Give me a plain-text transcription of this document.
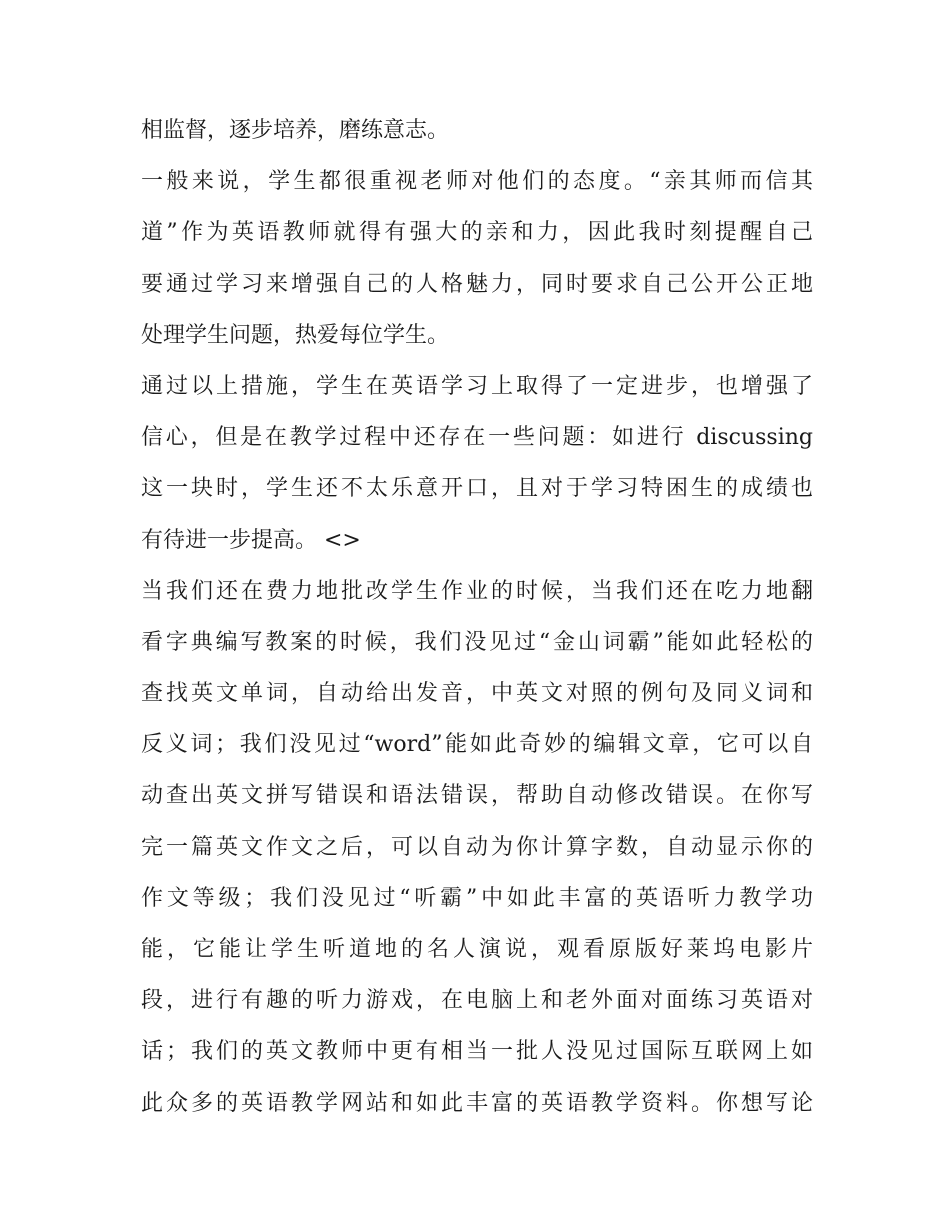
相监督，逐步培养，磨练意志。
一般来说，学生都很重视老师对他们的态度。“亲其师而信其
道”作为英语教师就得有强大的亲和力，因此我时刻提醒自己
要通过学习来增强自己的人格魅力，同时要求自己公开公正地
处理学生问题，热爱每位学生。
通过以上措施，学生在英语学习上取得了一定进步，也增强了
信心，但是在教学过程中还存在一些问题：如进行 discussing
这一块时，学生还不太乐意开口，且对于学习特困生的成绩也
有待进一步提高。 <>
当我们还在费力地批改学生作业的时候，当我们还在吃力地翻
看字典编写教案的时候，我们没见过“金山词霸”能如此轻松的
查找英文单词，自动给出发音，中英文对照的例句及同义词和
反义词；我们没见过“word”能如此奇妙的编辑文章，它可以自
动查出英文拼写错误和语法错误，帮助自动修改错误。在你写
完一篇英文作文之后，可以自动为你计算字数，自动显示你的
作文等级；我们没见过“听霸”中如此丰富的英语听力教学功
能，它能让学生听道地的名人演说，观看原版好莱坞电影片
段，进行有趣的听力游戏，在电脑上和老外面对面练习英语对
话；我们的英文教师中更有相当一批人没见过国际互联网上如
此众多的英语教学网站和如此丰富的英语教学资料。你想写论
